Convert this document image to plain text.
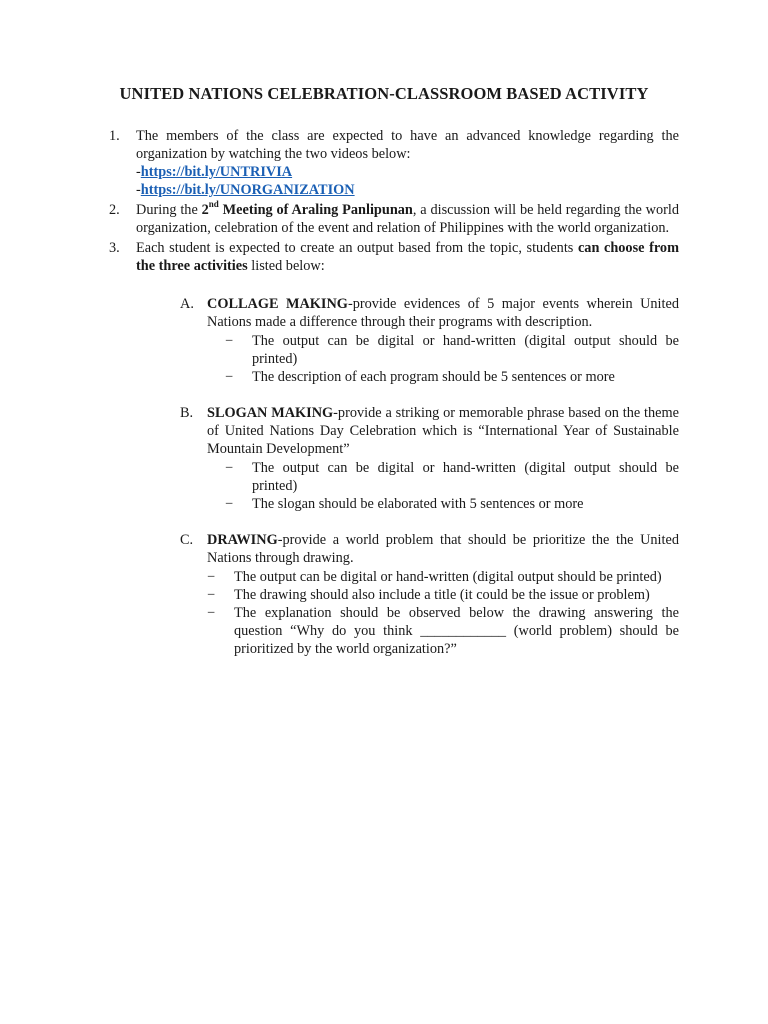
UNITED NATIONS CELEBRATION-CLASSROOM BASED ACTIVITY
1. The members of the class are expected to have an advanced knowledge regarding the organization by watching the two videos below:
-https://bit.ly/UNTRIVIA
-https://bit.ly/UNORGANIZATION
2. During the 2nd Meeting of Araling Panlipunan, a discussion will be held regarding the world organization, celebration of the event and relation of Philippines with the world organization.
3. Each student is expected to create an output based from the topic, students can choose from the three activities listed below:
A. COLLAGE MAKING-provide evidences of 5 major events wherein United Nations made a difference through their programs with description.
− The output can be digital or hand-written (digital output should be printed)
− The description of each program should be 5 sentences or more
B. SLOGAN MAKING-provide a striking or memorable phrase based on the theme of United Nations Day Celebration which is “International Year of Sustainable Mountain Development”
− The output can be digital or hand-written (digital output should be printed)
− The slogan should be elaborated with 5 sentences or more
C. DRAWING-provide a world problem that should be prioritize the the United Nations through drawing.
− The output can be digital or hand-written (digital output should be printed)
− The drawing should also include a title (it could be the issue or problem)
− The explanation should be observed below the drawing answering the question “Why do you think ____________ (world problem) should be prioritized by the world organization?”
